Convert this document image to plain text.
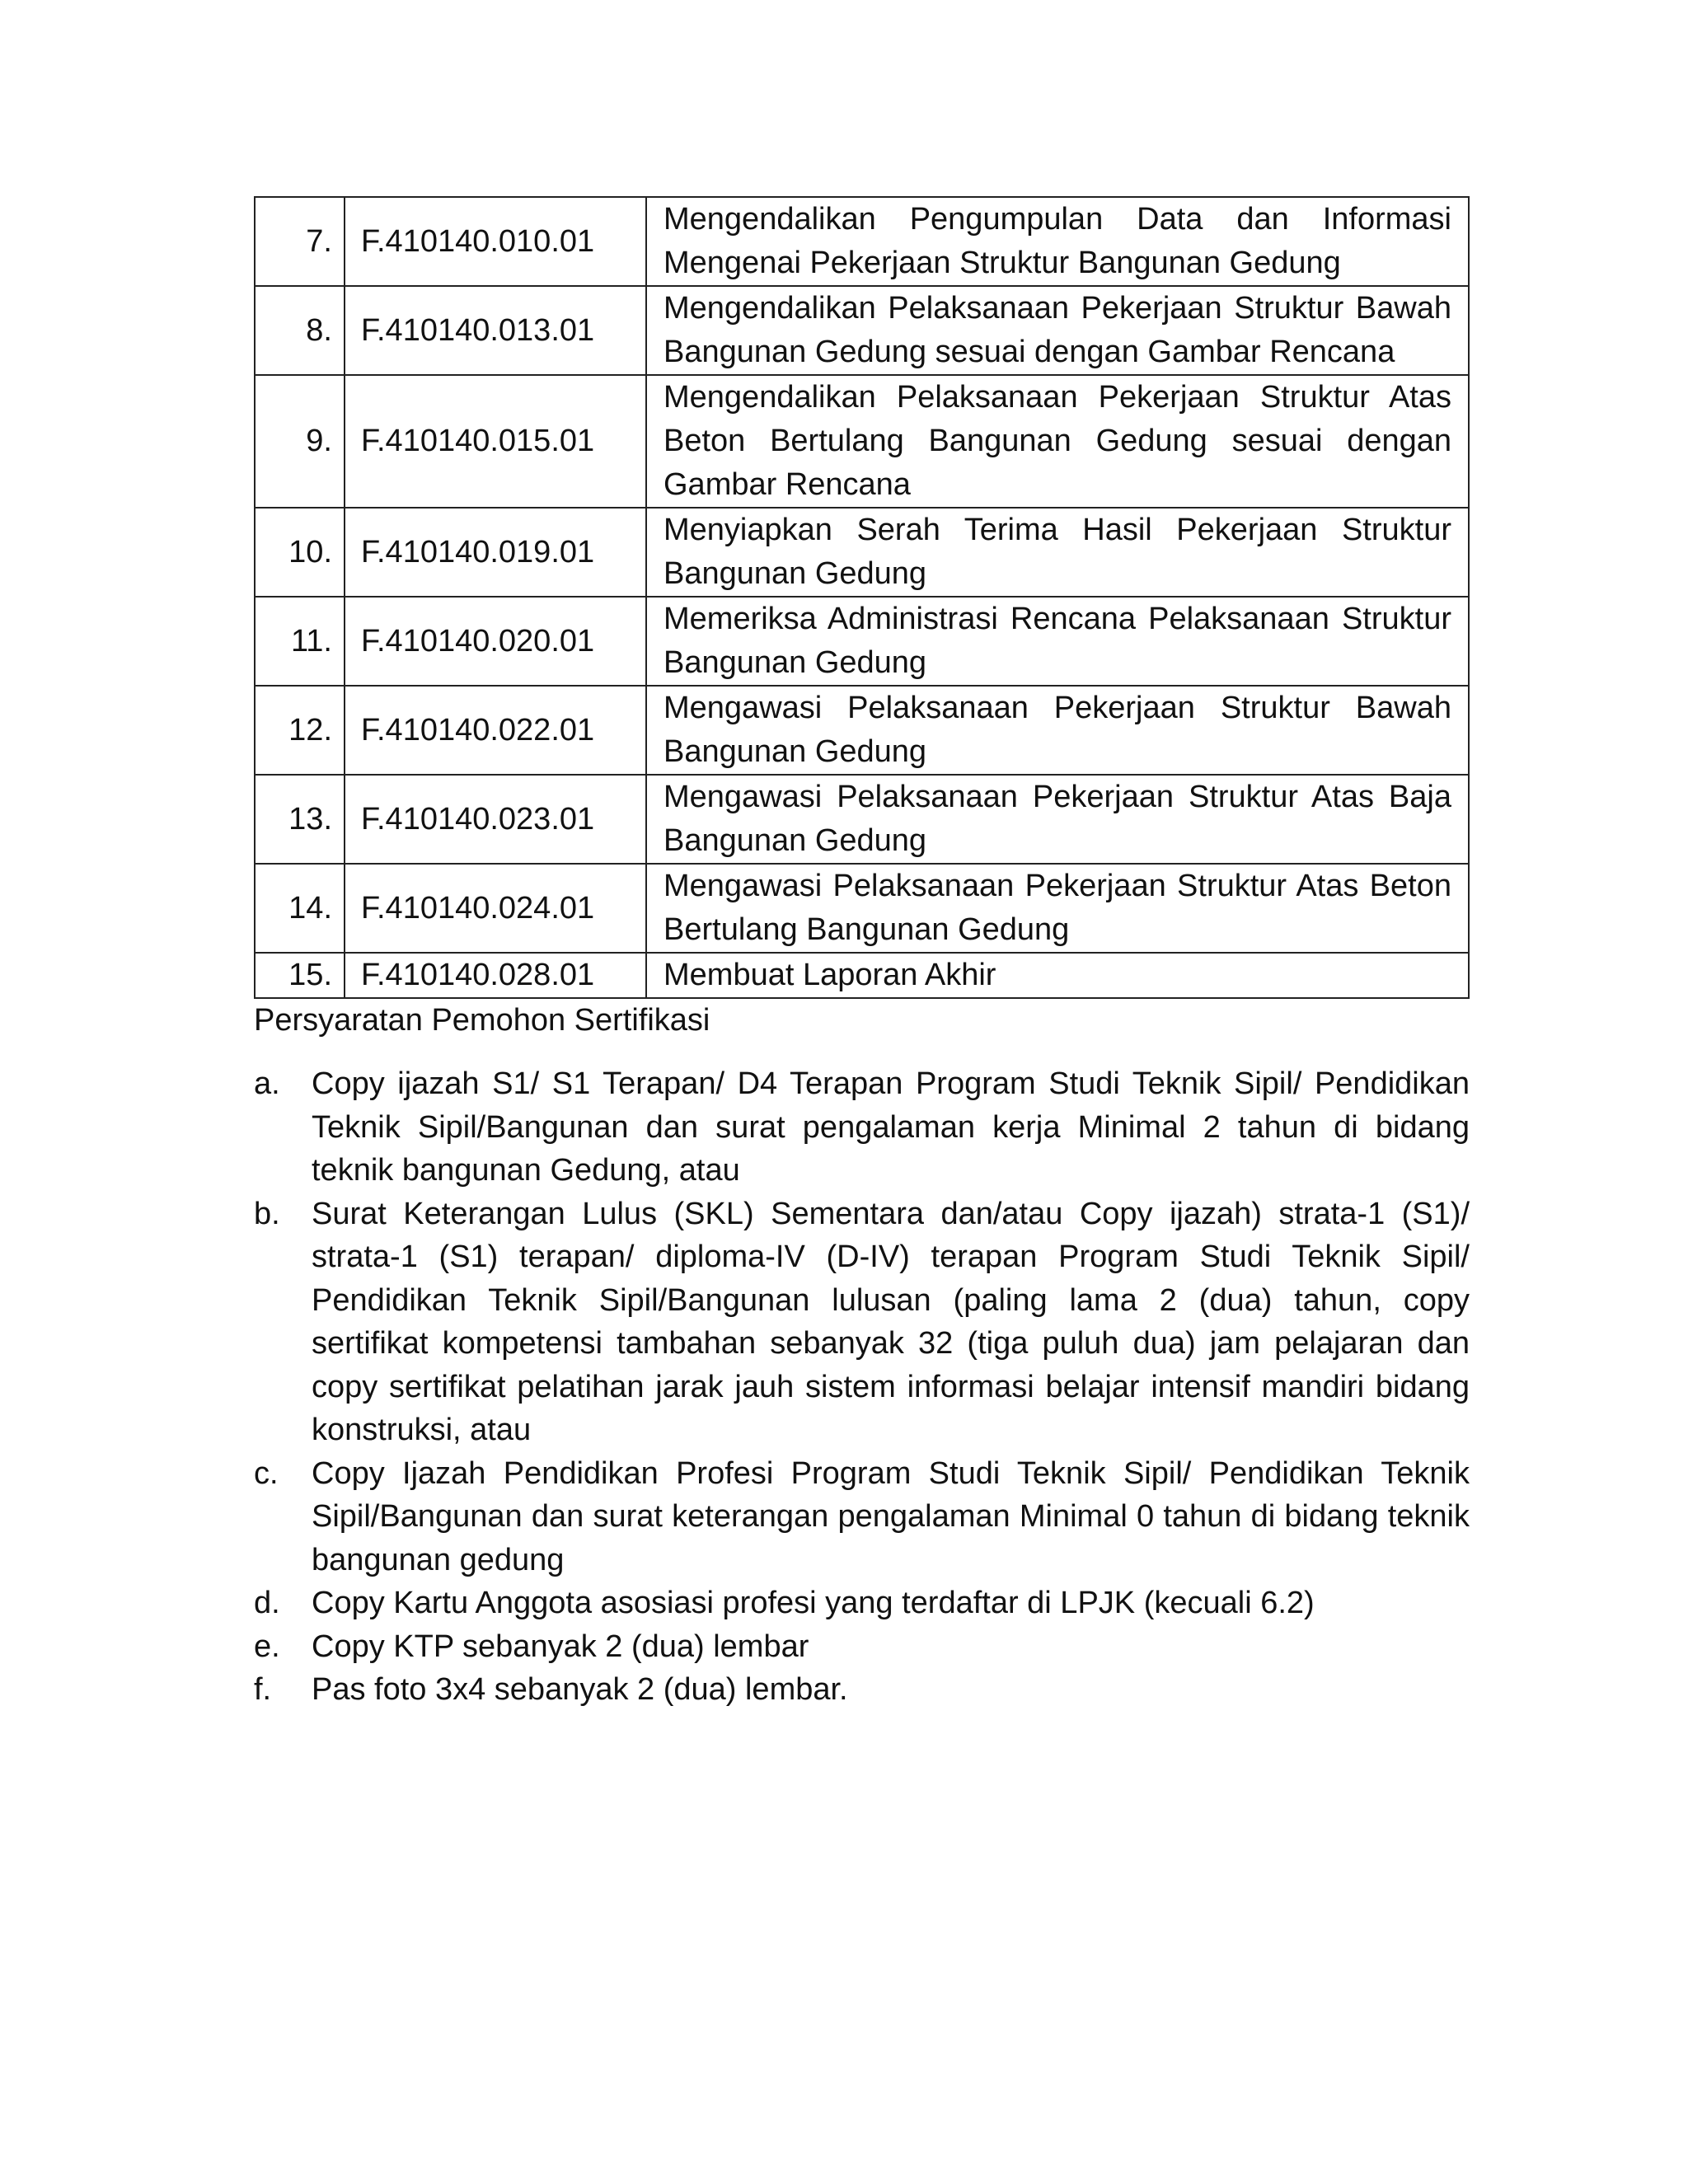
7.	F.410140.010.01	Mengendalikan Pengumpulan Data dan Informasi Mengenai Pekerjaan Struktur Bangunan Gedung
8.	F.410140.013.01	Mengendalikan Pelaksanaan Pekerjaan Struktur Bawah Bangunan Gedung sesuai dengan Gambar Rencana
9.	F.410140.015.01	Mengendalikan Pelaksanaan Pekerjaan Struktur Atas Beton Bertulang Bangunan Gedung sesuai dengan Gambar Rencana
10.	F.410140.019.01	Menyiapkan Serah Terima Hasil Pekerjaan Struktur Bangunan Gedung
11.	F.410140.020.01	Memeriksa Administrasi Rencana Pelaksanaan Struktur Bangunan Gedung
12.	F.410140.022.01	Mengawasi Pelaksanaan Pekerjaan Struktur Bawah Bangunan Gedung
13.	F.410140.023.01	Mengawasi Pelaksanaan Pekerjaan Struktur Atas Baja Bangunan Gedung
14.	F.410140.024.01	Mengawasi Pelaksanaan Pekerjaan Struktur Atas Beton Bertulang Bangunan Gedung
15.	F.410140.028.01	Membuat Laporan Akhir
Persyaratan Pemohon Sertifikasi
a.	Copy ijazah S1/ S1 Terapan/ D4 Terapan Program Studi Teknik Sipil/ Pendidikan Teknik Sipil/Bangunan dan surat pengalaman kerja Minimal 2 tahun di bidang teknik bangunan Gedung, atau
b.	Surat Keterangan Lulus (SKL) Sementara dan/atau Copy ijazah) strata-1 (S1)/ strata-1 (S1) terapan/ diploma-IV (D-IV) terapan Program Studi Teknik Sipil/ Pendidikan Teknik Sipil/Bangunan lulusan (paling lama 2 (dua) tahun, copy sertifikat kompetensi tambahan sebanyak 32 (tiga puluh dua) jam pelajaran dan copy sertifikat pelatihan jarak jauh sistem informasi belajar intensif mandiri bidang konstruksi, atau
c.	Copy Ijazah Pendidikan Profesi Program Studi Teknik Sipil/ Pendidikan Teknik Sipil/Bangunan dan surat keterangan pengalaman Minimal 0 tahun di bidang teknik bangunan gedung
d.	Copy Kartu Anggota asosiasi profesi yang terdaftar di LPJK (kecuali 6.2)
e.	Copy KTP sebanyak 2 (dua) lembar
f.	Pas foto 3x4 sebanyak 2 (dua) lembar.
